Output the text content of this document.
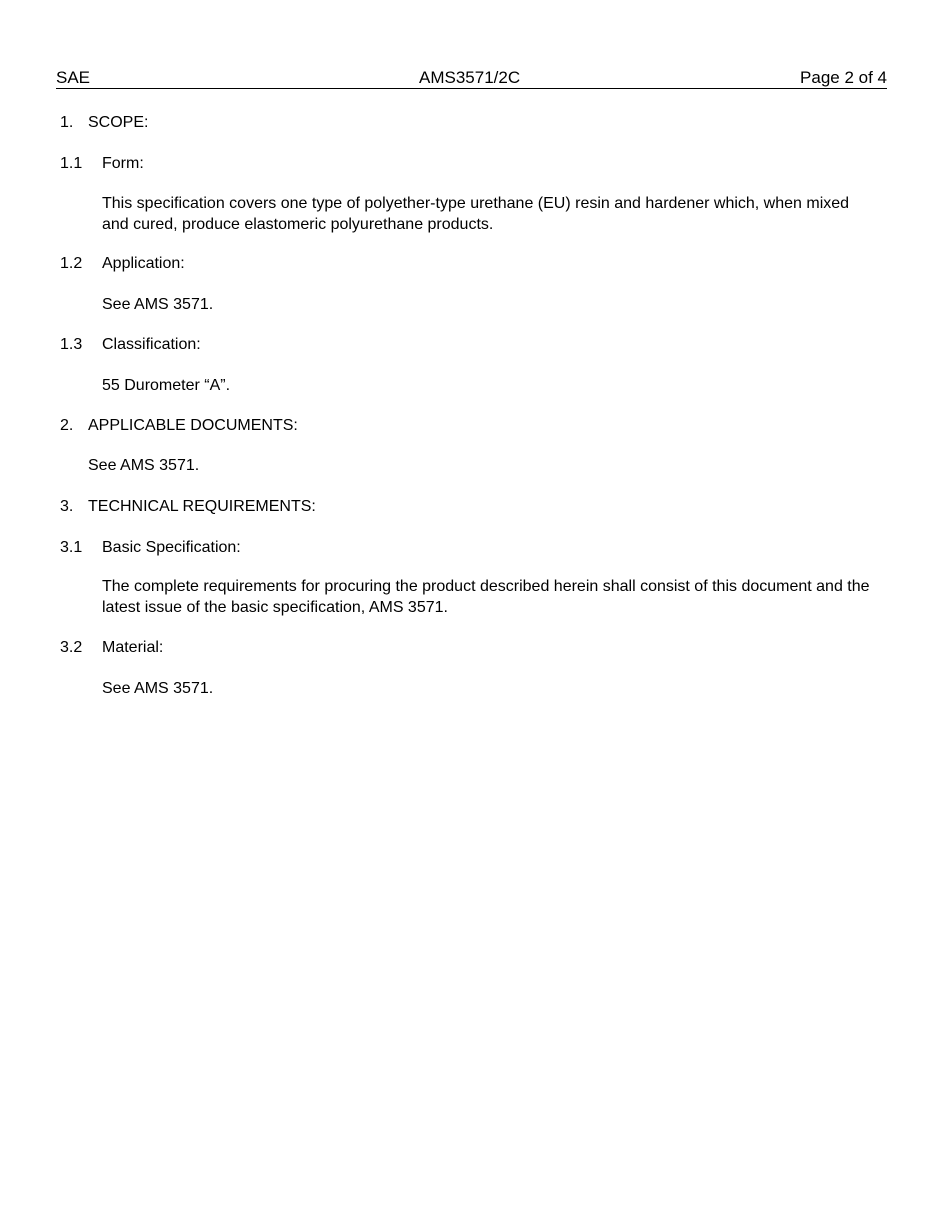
SAE	AMS3571/2C	Page 2 of 4
1. SCOPE:
1.1 Form:
This specification covers one type of polyether-type urethane (EU) resin and hardener which, when mixed and cured, produce elastomeric polyurethane products.
1.2 Application:
See AMS 3571.
1.3 Classification:
55 Durometer “A”.
2. APPLICABLE DOCUMENTS:
See AMS 3571.
3. TECHNICAL REQUIREMENTS:
3.1 Basic Specification:
The complete requirements for procuring the product described herein shall consist of this document and the latest issue of the basic specification, AMS 3571.
3.2 Material:
See AMS 3571.
